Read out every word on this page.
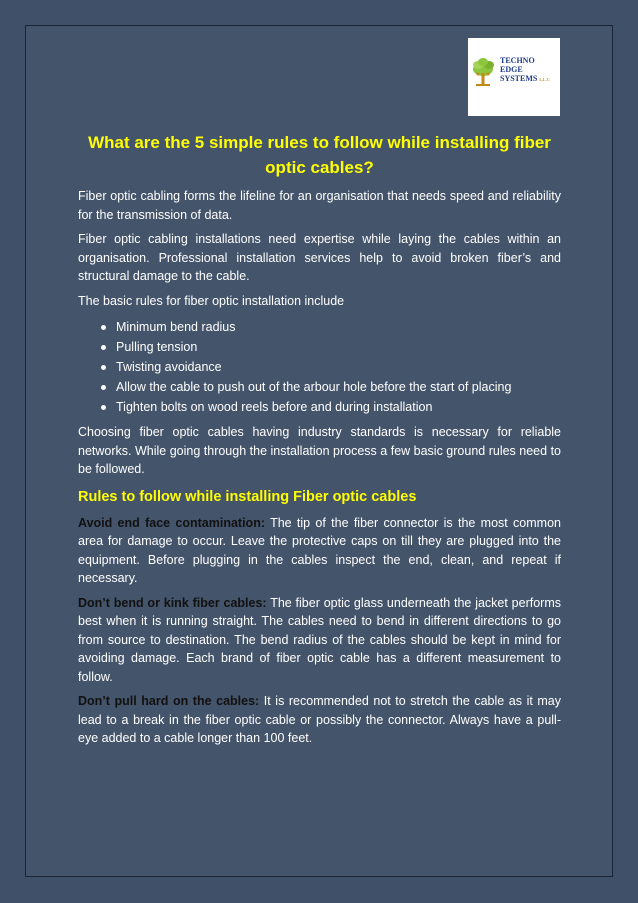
TECHNO
EDGE
SYSTEMS L.L.C
What are the 5 simple rules to follow while installing fiber optic cables?

Fiber optic cabling forms the lifeline for an organisation that needs speed and reliability for the transmission of data.

Fiber optic cabling installations need expertise while laying the cables within an organisation. Professional installation services help to avoid broken fiber’s and structural damage to the cable.

The basic rules for fiber optic installation include

Minimum bend radius
Pulling tension
Twisting avoidance
Allow the cable to push out of the arbour hole before the start of placing
Tighten bolts on wood reels before and during installation

Choosing fiber optic cables having industry standards is necessary for reliable networks. While going through the installation process a few basic ground rules need to be followed.

Rules to follow while installing Fiber optic cables

Avoid end face contamination: The tip of the fiber connector is the most common area for damage to occur. Leave the protective caps on till they are plugged into the equipment. Before plugging in the cables inspect the end, clean, and repeat if necessary.

Don’t bend or kink fiber cables: The fiber optic glass underneath the jacket performs best when it is running straight. The cables need to bend in different directions to go from source to destination. The bend radius of the cables should be kept in mind for avoiding damage. Each brand of fiber optic cable has a different measurement to follow.

Don’t pull hard on the cables: It is recommended not to stretch the cable as it may lead to a break in the fiber optic cable or possibly the connector. Always have a pull-eye added to a cable longer than 100 feet.
